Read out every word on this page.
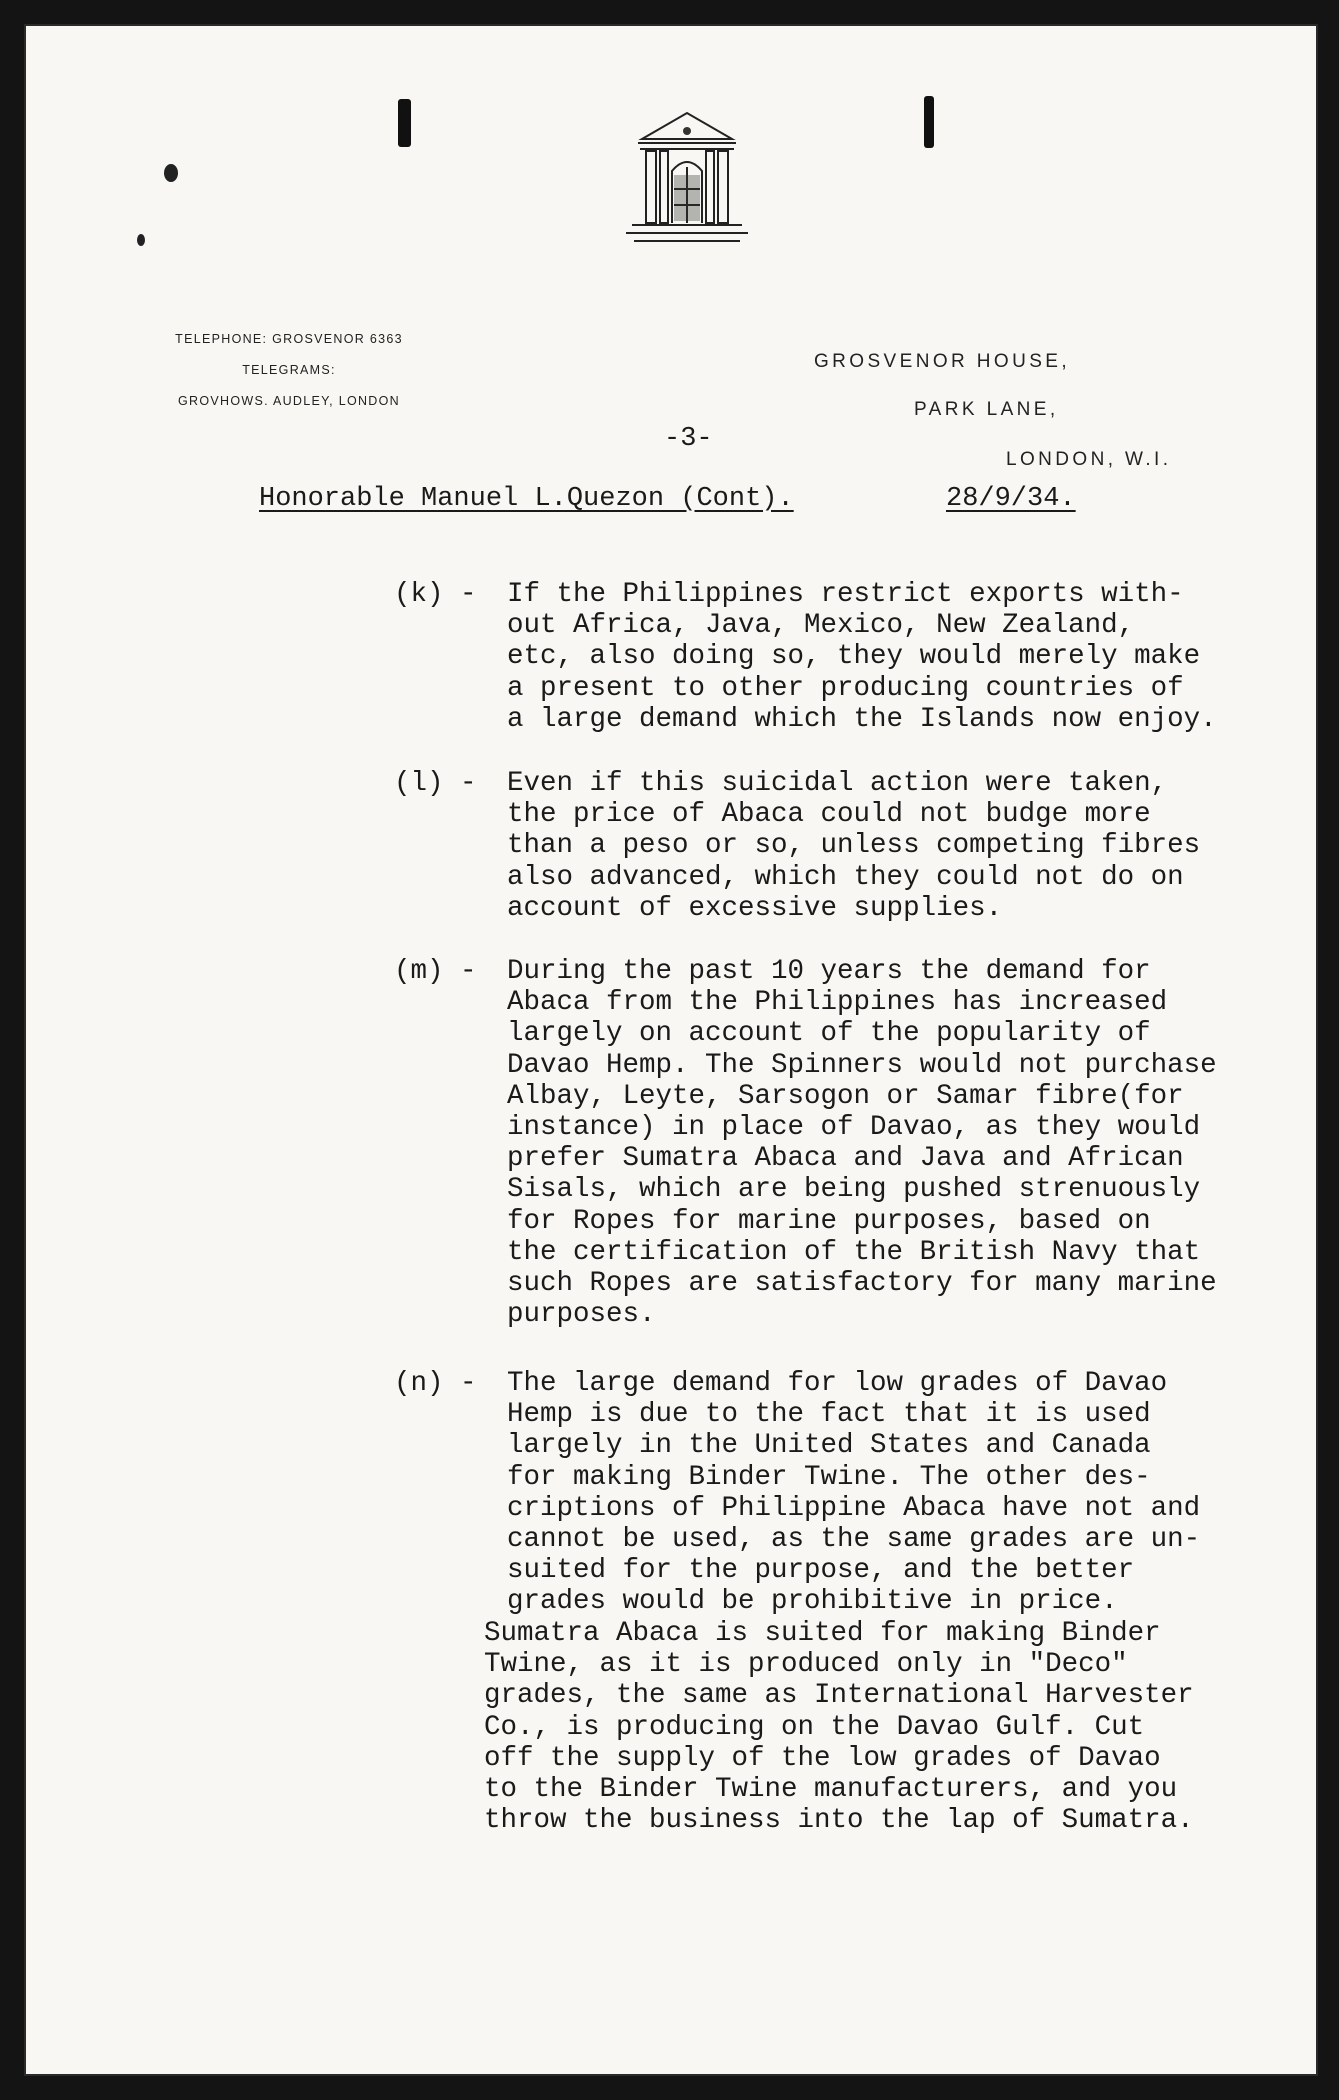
TELEPHONE: GROSVENOR 6363
TELEGRAMS:
GROVHOWS. AUDLEY, LONDON
GROSVENOR HOUSE,
PARK LANE,
LONDON, W.I.
-3-
Honorable Manuel L.Quezon (Cont).	28/9/34.
(k) - If the Philippines restrict exports with-
out Africa, Java, Mexico, New Zealand,
etc, also doing so, they would merely make
a present to other producing countries of
a large demand which the Islands now enjoy.
(l) - Even if this suicidal action were taken,
the price of Abaca could not budge more
than a peso or so, unless competing fibres
also advanced, which they could not do on
account of excessive supplies.
(m) - During the past 10 years the demand for
Abaca from the Philippines has increased
largely on account of the popularity of
Davao Hemp. The Spinners would not purchase
Albay, Leyte, Sarsogon or Samar fibre(for
instance) in place of Davao, as they would
prefer Sumatra Abaca and Java and African
Sisals, which are being pushed strenuously
for Ropes for marine purposes, based on
the certification of the British Navy that
such Ropes are satisfactory for many marine
purposes.
(n) - The large demand for low grades of Davao
Hemp is due to the fact that it is used
largely in the United States and Canada
for making Binder Twine. The other des-
criptions of Philippine Abaca have not and
cannot be used, as the same grades are un-
suited for the purpose, and the better
grades would be prohibitive in price.
Sumatra Abaca is suited for making Binder
Twine, as it is produced only in "Deco"
grades, the same as International Harvester
Co., is producing on the Davao Gulf. Cut
off the supply of the low grades of Davao
to the Binder Twine manufacturers, and you
throw the business into the lap of Sumatra.
